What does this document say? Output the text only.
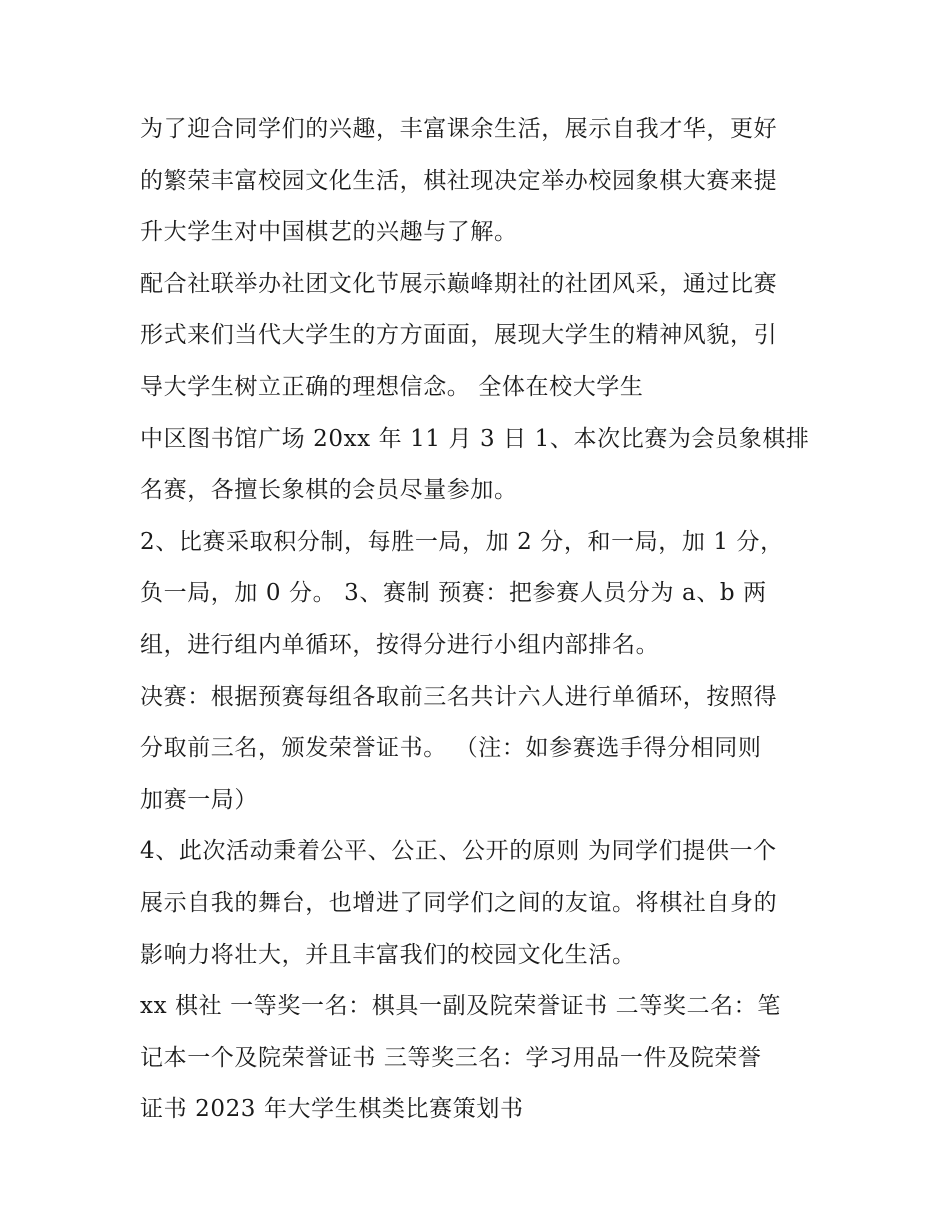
为了迎合同学们的兴趣，丰富课余生活，展示自我才华，更好
的繁荣丰富校园文化生活，棋社现决定举办校园象棋大赛来提
升大学生对中国棋艺的兴趣与了解。

配合社联举办社团文化节展示巅峰期社的社团风采，通过比赛
形式来们当代大学生的方方面面，展现大学生的精神风貌，引
导大学生树立正确的理想信念。 全体在校大学生

中区图书馆广场 20xx 年 11 月 3 日 1、本次比赛为会员象棋排
名赛，各擅长象棋的会员尽量参加。

2、比赛采取积分制，每胜一局，加 2 分，和一局，加 1 分，
负一局，加 0 分。 3、赛制 预赛：把参赛人员分为 a、b 两
组，进行组内单循环，按得分进行小组内部排名。

决赛：根据预赛每组各取前三名共计六人进行单循环，按照得
分取前三名，颁发荣誉证书。 （注：如参赛选手得分相同则
加赛一局）

4、此次活动秉着公平、公正、公开的原则 为同学们提供一个
展示自我的舞台，也增进了同学们之间的友谊。将棋社自身的
影响力将壮大，并且丰富我们的校园文化生活。

xx 棋社 一等奖一名：棋具一副及院荣誉证书 二等奖二名：笔
记本一个及院荣誉证书 三等奖三名：学习用品一件及院荣誉
证书 2023 年大学生棋类比赛策划书
